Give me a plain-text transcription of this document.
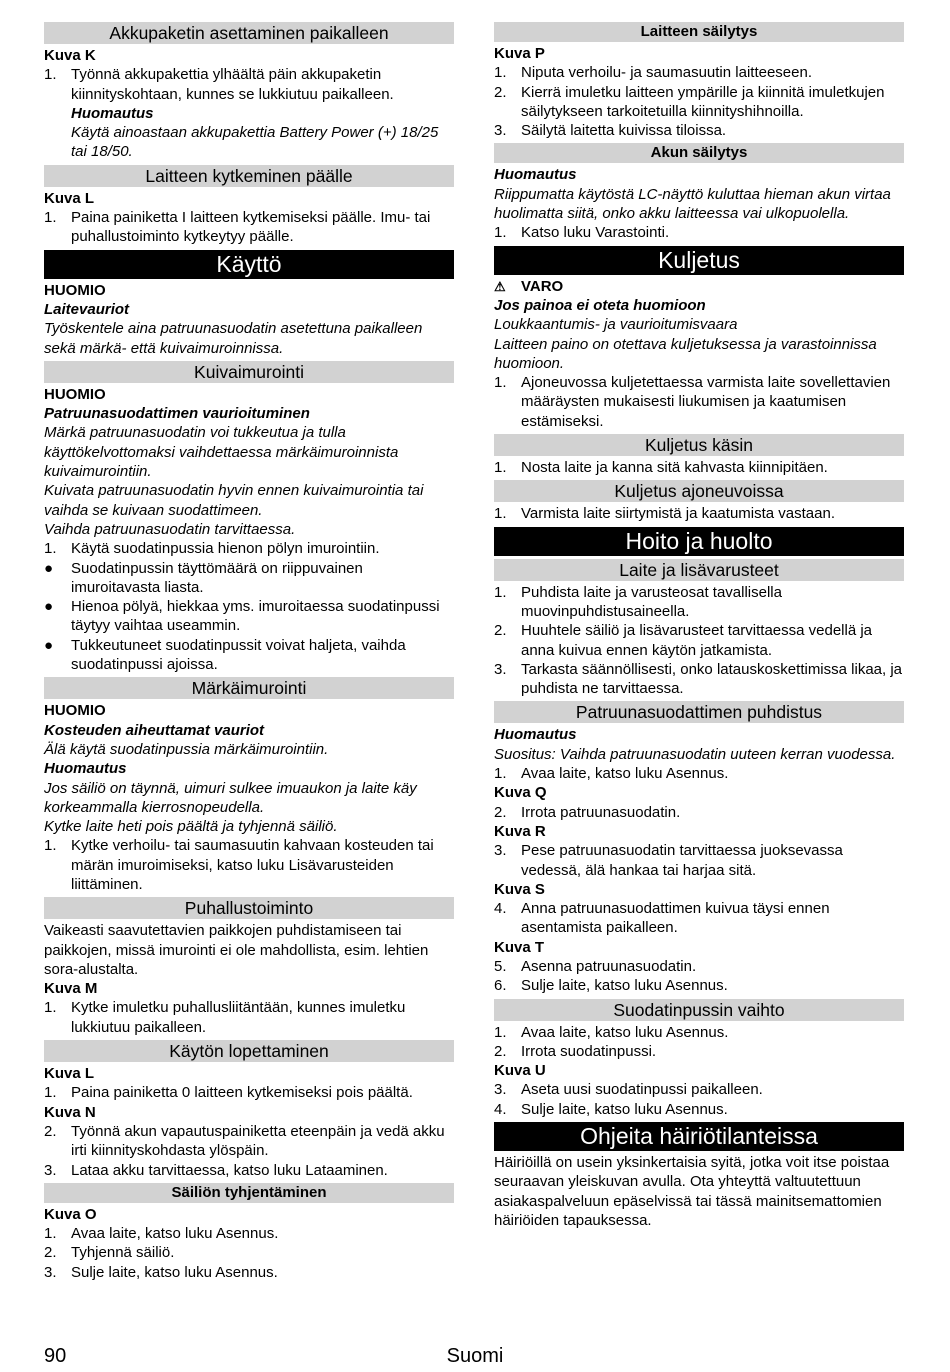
Akkupaketin asettaminen paikalleen
Kuva K
1. Työnnä akkupakettia ylhäältä päin akkupaketin kiinnityskohtaan, kunnes se lukkiutuu paikalleen.
Huomautus
Käytä ainoastaan akkupakettia Battery Power (+) 18/25 tai 18/50.
Laitteen kytkeminen päälle
Kuva L
1. Paina painiketta I laitteen kytkemiseksi päälle. Imu- tai puhallustoiminto kytkeytyy päälle.
Käyttö
HUOMIO
Laitevauriot
Työskentele aina patruunasuodatin asetettuna paikalleen sekä märkä- että kuivaimuroinnissa.
Kuivaimurointi
HUOMIO
Patruunasuodattimen vaurioituminen
Märkä patruunasuodatin voi tukkeutua ja tulla käyttökelvottomaksi vaihdettaessa märkäimuroinnista kuivaimurointiin.
Kuivata patruunasuodatin hyvin ennen kuivaimurointia tai vaihda se kuivaan suodattimeen.
Vaihda patruunasuodatin tarvittaessa.
1. Käytä suodatinpussia hienon pölyn imurointiin.
● Suodatinpussin täyttömäärä on riippuvainen imuroitavasta liasta.
● Hienoa pölyä, hiekkaa yms. imuroitaessa suodatinpussi täytyy vaihtaa useammin.
● Tukkeutuneet suodatinpussit voivat haljeta, vaihda suodatinpussi ajoissa.
Märkäimurointi
HUOMIO
Kosteuden aiheuttamat vauriot
Älä käytä suodatinpussia märkäimurointiin.
Huomautus
Jos säiliö on täynnä, uimuri sulkee imuaukon ja laite käy korkeammalla kierrosnopeudella.
Kytke laite heti pois päältä ja tyhjennä säiliö.
1. Kytke verhoilu- tai saumasuutin kahvaan kosteuden tai märän imuroimiseksi, katso luku Lisävarusteiden liittäminen.
Puhallustoiminto
Vaikeasti saavutettavien paikkojen puhdistamiseen tai paikkojen, missä imurointi ei ole mahdollista, esim. lehtien sora-alustalta.
Kuva M
1. Kytke imuletku puhallusliitäntään, kunnes imuletku lukkiutuu paikalleen.
Käytön lopettaminen
Kuva L
1. Paina painiketta 0 laitteen kytkemiseksi pois päältä.
Kuva N
2. Työnnä akun vapautuspainiketta eteenpäin ja vedä akku irti kiinnityskohdasta ylöspäin.
3. Lataa akku tarvittaessa, katso luku Lataaminen.
Säiliön tyhjentäminen
Kuva O
1. Avaa laite, katso luku Asennus.
2. Tyhjennä säiliö.
3. Sulje laite, katso luku Asennus.
Laitteen säilytys
Kuva P
1. Niputa verhoilu- ja saumasuutin laitteeseen.
2. Kierrä imuletku laitteen ympärille ja kiinnitä imuletkujen säilytykseen tarkoitetuilla kiinnityshihnoilla.
3. Säilytä laitetta kuivissa tiloissa.
Akun säilytys
Huomautus
Riippumatta käytöstä LC-näyttö kuluttaa hieman akun virtaa huolimatta siitä, onko akku laitteessa vai ulkopuolella.
1. Katso luku Varastointi.
Kuljetus
⚠	VARO
Jos painoa ei oteta huomioon
Loukkaantumis- ja vaurioitumisvaara
Laitteen paino on otettava kuljetuksessa ja varastoinnissa huomioon.
1. Ajoneuvossa kuljetettaessa varmista laite sovellettavien määräysten mukaisesti liukumisen ja kaatumisen estämiseksi.
Kuljetus käsin
1. Nosta laite ja kanna sitä kahvasta kiinnipitäen.
Kuljetus ajoneuvoissa
1. Varmista laite siirtymistä ja kaatumista vastaan.
Hoito ja huolto
Laite ja lisävarusteet
1. Puhdista laite ja varusteosat tavallisella muovinpuhdistusaineella.
2. Huuhtele säiliö ja lisävarusteet tarvittaessa vedellä ja anna kuivua ennen käytön jatkamista.
3. Tarkasta säännöllisesti, onko latauskoskettimissa likaa, ja puhdista ne tarvittaessa.
Patruunasuodattimen puhdistus
Huomautus
Suositus: Vaihda patruunasuodatin uuteen kerran vuodessa.
1. Avaa laite, katso luku Asennus.
Kuva Q
2. Irrota patruunasuodatin.
Kuva R
3. Pese patruunasuodatin tarvittaessa juoksevassa vedessä, älä hankaa tai harjaa sitä.
Kuva S
4. Anna patruunasuodattimen kuivua täysi ennen asentamista paikalleen.
Kuva T
5. Asenna patruunasuodatin.
6. Sulje laite, katso luku Asennus.
Suodatinpussin vaihto
1. Avaa laite, katso luku Asennus.
2. Irrota suodatinpussi.
Kuva U
3. Aseta uusi suodatinpussi paikalleen.
4. Sulje laite, katso luku Asennus.
Ohjeita häiriötilanteissa
Häiriöillä on usein yksinkertaisia syitä, jotka voit itse poistaa seuraavan yleiskuvan avulla. Ota yhteyttä valtuutettuun asiakaspalveluun epäselvissä tai tässä mainitsemattomien häiriöiden tapauksessa.
Suomi
90
